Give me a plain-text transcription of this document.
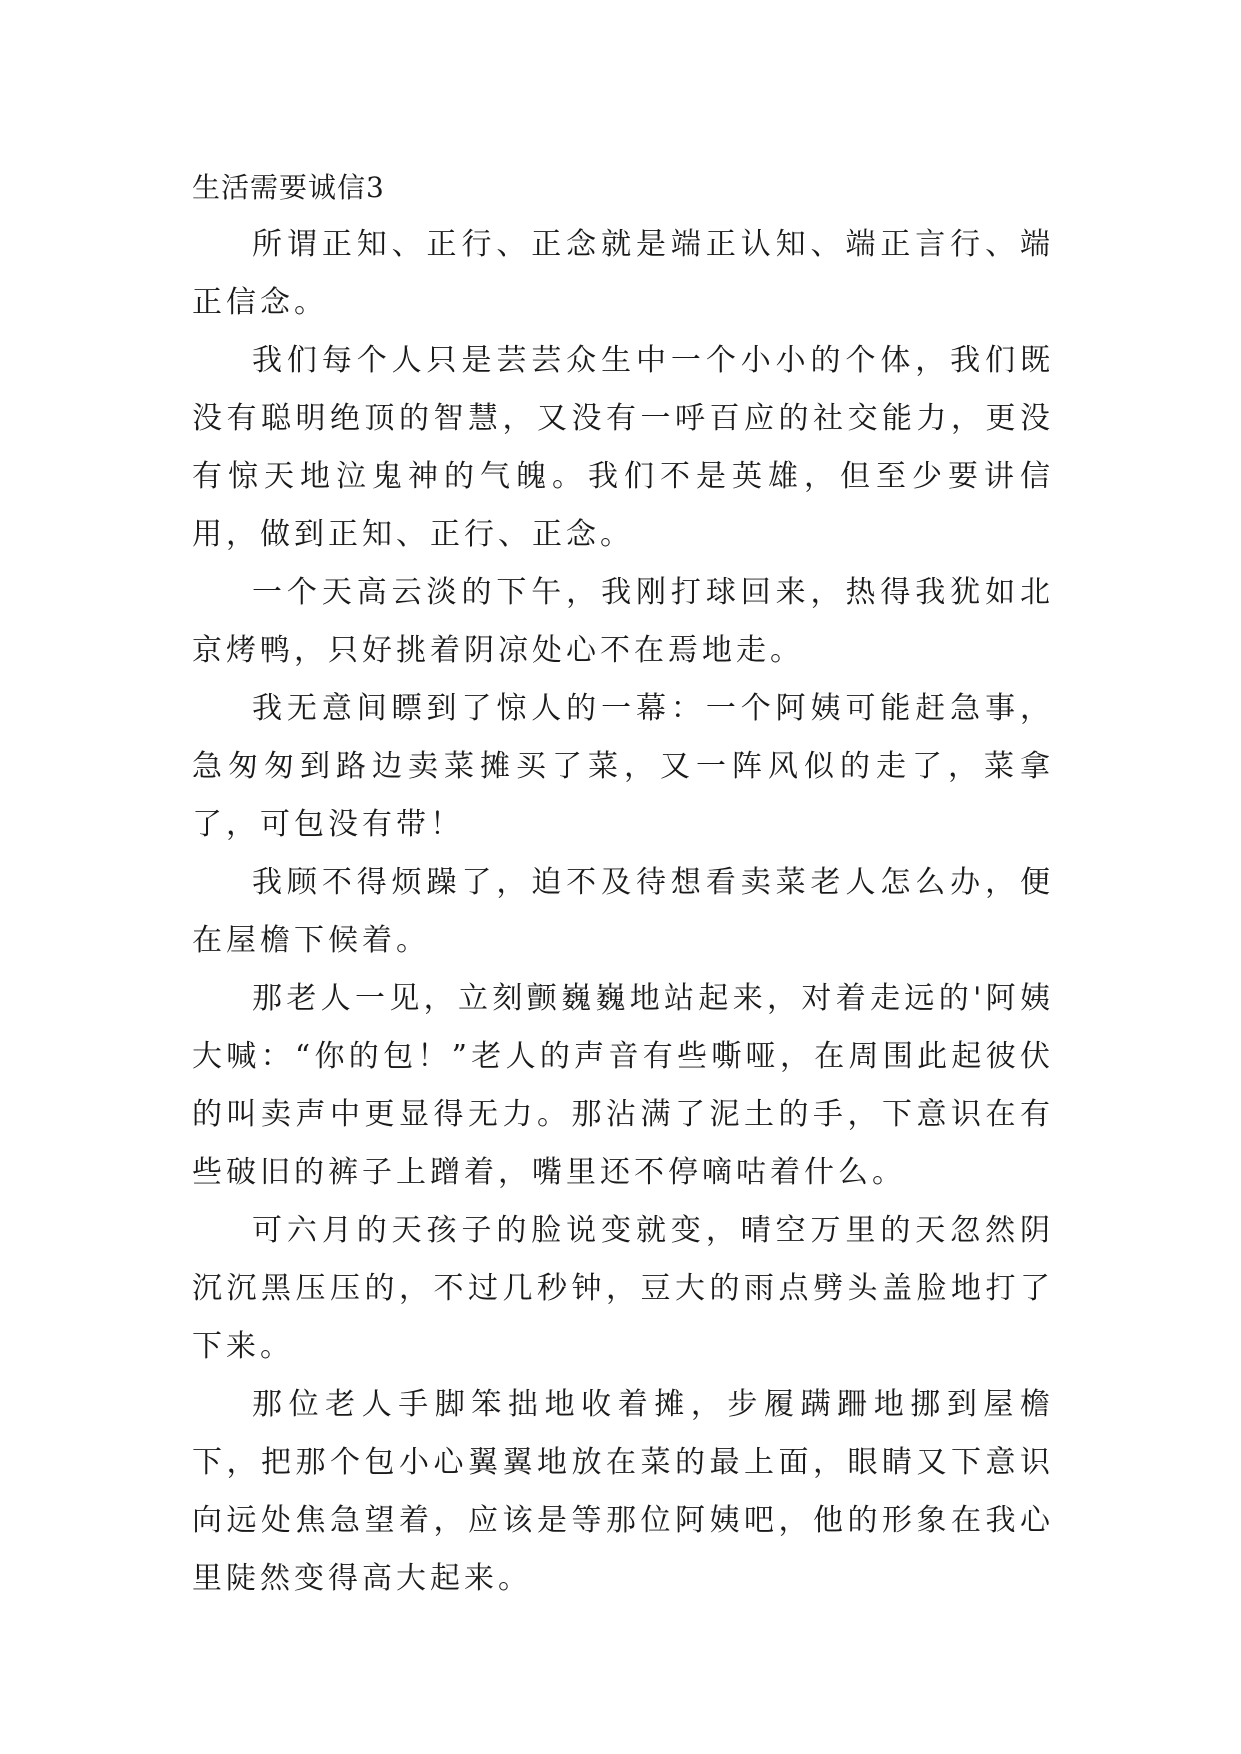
生活需要诚信3

所谓正知、正行、正念就是端正认知、端正言行、端正信念。

我们每个人只是芸芸众生中一个小小的个体，我们既没有聪明绝顶的智慧，又没有一呼百应的社交能力，更没有惊天地泣鬼神的气魄。我们不是英雄，但至少要讲信用，做到正知、正行、正念。

一个天高云淡的下午，我刚打球回来，热得我犹如北京烤鸭，只好挑着阴凉处心不在焉地走。

我无意间瞟到了惊人的一幕：一个阿姨可能赶急事，急匆匆到路边卖菜摊买了菜，又一阵风似的走了，菜拿了，可包没有带！

我顾不得烦躁了，迫不及待想看卖菜老人怎么办，便在屋檐下候着。

那老人一见，立刻颤巍巍地站起来，对着走远的'阿姨大喊：“你的包！”老人的声音有些嘶哑，在周围此起彼伏的叫卖声中更显得无力。那沾满了泥土的手，下意识在有些破旧的裤子上蹭着，嘴里还不停嘀咕着什么。

可六月的天孩子的脸说变就变，晴空万里的天忽然阴沉沉黑压压的，不过几秒钟，豆大的雨点劈头盖脸地打了下来。

那位老人手脚笨拙地收着摊，步履蹒跚地挪到屋檐下，把那个包小心翼翼地放在菜的最上面，眼睛又下意识向远处焦急望着，应该是等那位阿姨吧，他的形象在我心里陡然变得高大起来。
